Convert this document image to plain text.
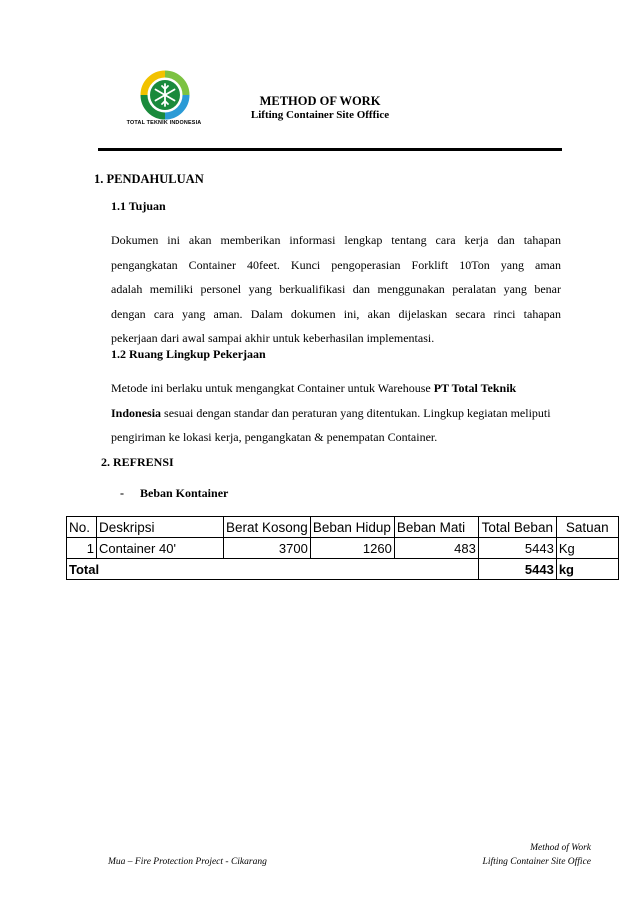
TOTAL TEKNIK INDONESIA
METHOD OF WORK
Lifting Container Site Offfice
1. PENDAHULUAN
1.1 Tujuan
Dokumen ini akan memberikan informasi lengkap tentang cara kerja dan tahapan
pengangkatan Container 40feet. Kunci pengoperasian Forklift 10Ton yang aman
adalah memiliki personel yang berkualifikasi dan menggunakan peralatan yang benar
dengan cara yang aman. Dalam dokumen ini, akan dijelaskan secara rinci tahapan
pekerjaan dari awal sampai akhir untuk keberhasilan implementasi.
1.2 Ruang Lingkup Pekerjaan
Metode ini berlaku untuk mengangkat Container untuk Warehouse PT Total Teknik
Indonesia sesuai dengan standar dan peraturan yang ditentukan. Lingkup kegiatan meliputi
pengiriman ke lokasi kerja, pengangkatan & penempatan Container.
2. REFRENSI
- Beban Kontainer
No.	Deskripsi	Berat Kosong	Beban Hidup	Beban Mati	Total Beban	Satuan
1	Container 40'	3700	1260	483	5443	Kg
Total					5443	kg
Mua – Fire Protection Project - Cikarang
Method of Work
Lifting Container Site Office
